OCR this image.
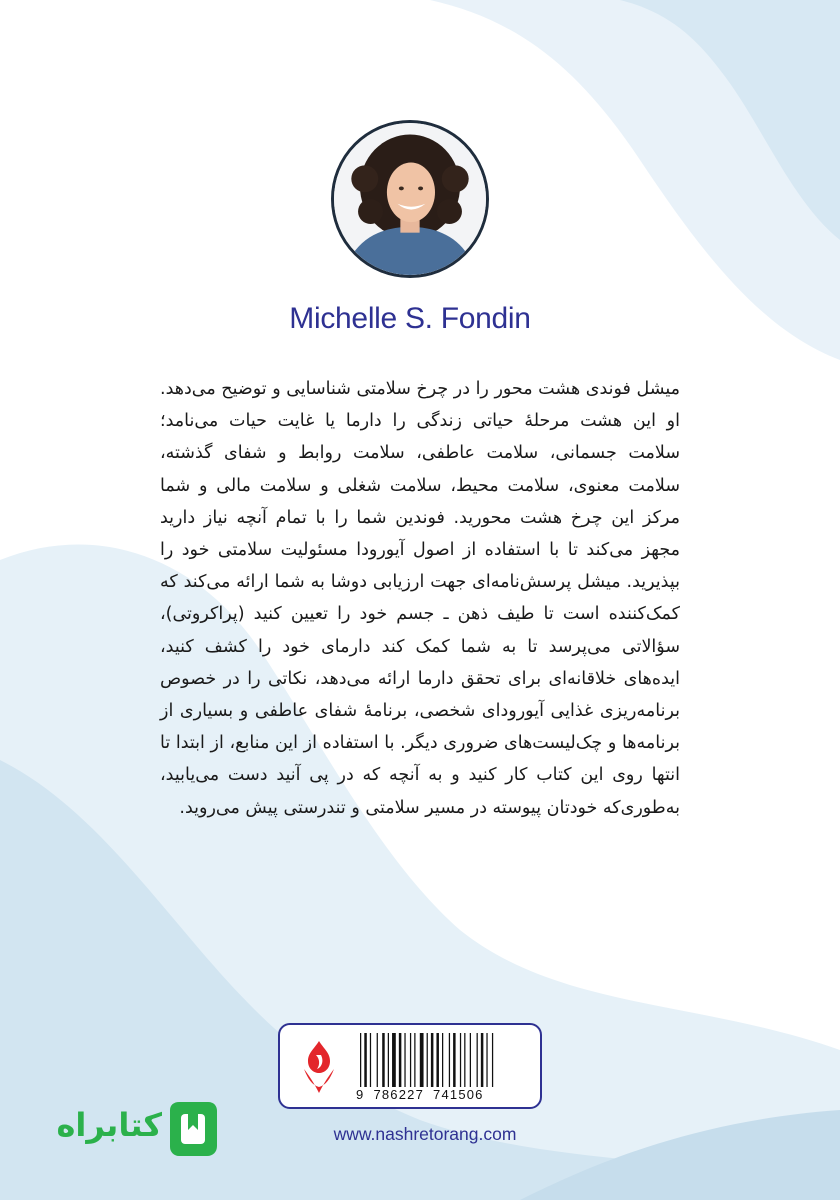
Michelle S. Fondin
میشل فوندی هشت محور را در چرخ سلامتی شناسایی و توضیح می‌دهد. او این هشت مرحلهٔ حیاتی زندگی را دارما یا غایت حیات می‌نامد؛ سلامت جسمانی، سلامت عاطفی، سلامت روابط و شفای گذشته، سلامت معنوی، سلامت محیط، سلامت شغلی و سلامت مالی و شما مرکز این چرخ هشت محورید. فوندین شما را با تمام آنچه نیاز دارید مجهز می‌کند تا با استفاده از اصول آیورودا مسئولیت سلامتی خود را بپذیرید. میشل پرسش‌نامه‌ای جهت ارزیابی دوشا به شما ارائه می‌کند که کمک‌کننده است تا طیف ذهن ـ جسم خود را تعیین کنید (پراکروتی)، سؤالاتی می‌پرسد تا به شما کمک کند دارمای خود را کشف کنید، ایده‌های خلاقانه‌ای برای تحقق دارما ارائه می‌دهد، نکاتی را در خصوص برنامه‌ریزی غذایی آیورودای شخصی، برنامهٔ شفای عاطفی و بسیاری از برنامه‌ها و چک‌لیست‌های ضروری دیگر. با استفاده از این منابع، از ابتدا تا انتها روی این کتاب کار کنید و به آنچه که در پی آنید دست می‌یابید، به‌طوری‌که خودتان پیوسته در مسیر سلامتی و تندرستی پیش می‌روید.
9 786227 741506
www.nashretorang.com
کتابراه
